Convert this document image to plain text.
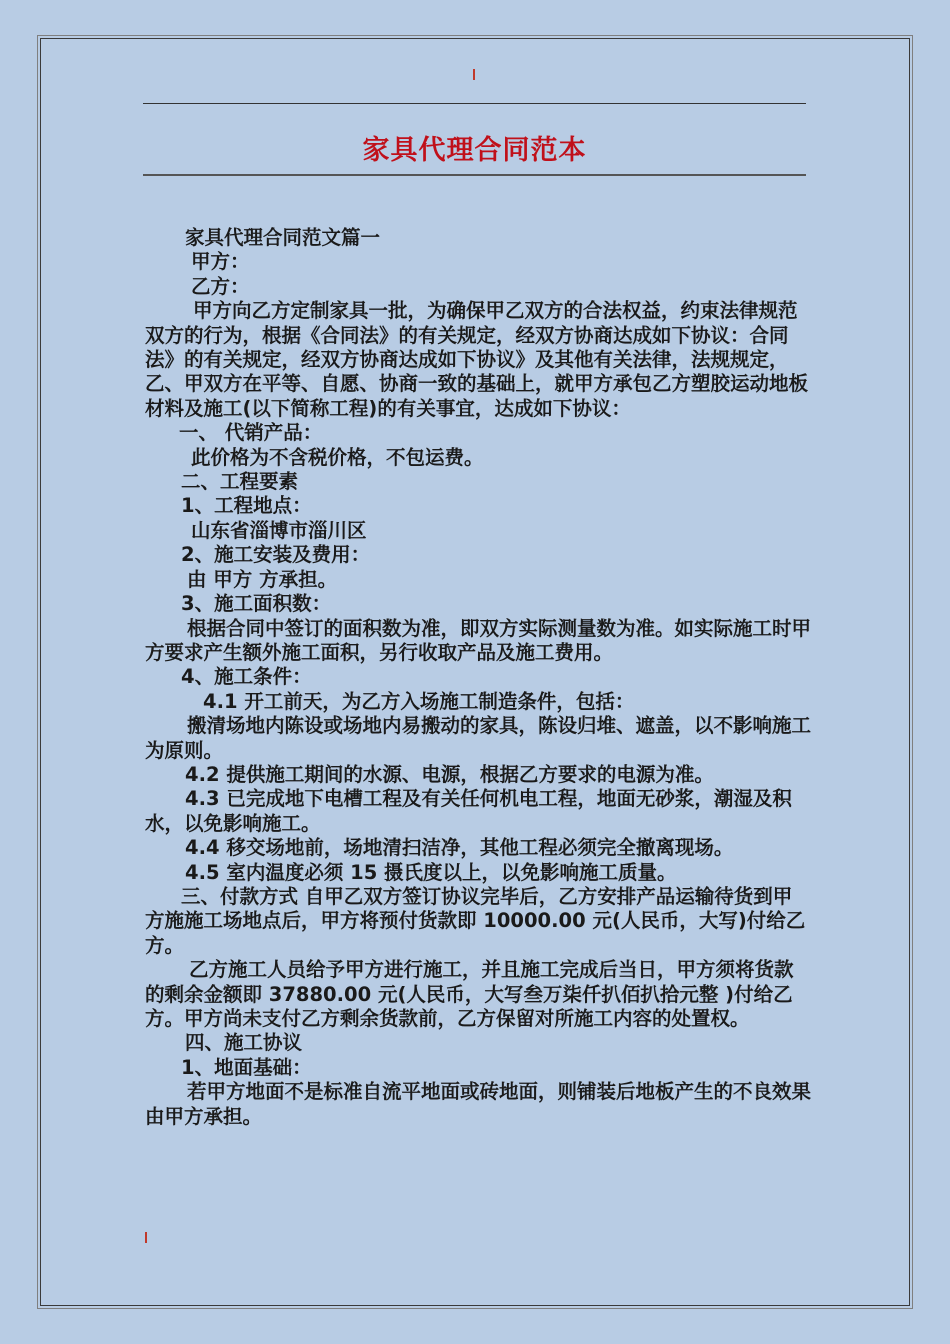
家具代理合同范本

家具代理合同范文篇一

甲方：

乙方：

甲方向乙方定制家具一批，为确保甲乙双方的合法权益，约束法律规范双方的行为，根据《合同法》的有关规定，经双方协商达成如下协议：合同法》的有关规定，经双方协商达成如下协议》及其他有关法律，法规规定，乙、甲双方在平等、自愿、协商一致的基础上，就甲方承包乙方塑胶运动地板材料及施工(以下简称工程)的有关事宜，达成如下协议：

一、 代销产品：

此价格为不含税价格，不包运费。

二、工程要素

1、工程地点：

山东省淄博市淄川区

2、施工安装及费用：

由 甲方 方承担。

3、施工面积数：

根据合同中签订的面积数为准，即双方实际测量数为准。如实际施工时甲方要求产生额外施工面积，另行收取产品及施工费用。

4、施工条件：

4.1 开工前天，为乙方入场施工制造条件，包括：

搬清场地内陈设或场地内易搬动的家具，陈设归堆、遮盖，以不影响施工为原则。

4.2 提供施工期间的水源、电源，根据乙方要求的电源为准。

4.3 已完成地下电槽工程及有关任何机电工程，地面无砂浆，潮湿及积水，以免影响施工。

4.4 移交场地前，场地清扫洁净，其他工程必须完全撤离现场。

4.5 室内温度必须 15 摄氏度以上，以免影响施工质量。

三、付款方式 自甲乙双方签订协议完毕后，乙方安排产品运输待货到甲方施施工场地点后，甲方将预付货款即 10000.00 元(人民币，大写)付给乙方。

乙方施工人员给予甲方进行施工，并且施工完成后当日，甲方须将货款的剩余金额即 37880.00 元(人民币，大写叁万柒仟扒佰扒拾元整 )付给乙方。甲方尚未支付乙方剩余货款前，乙方保留对所施工内容的处置权。

四、施工协议

1、地面基础：

若甲方地面不是标准自流平地面或砖地面，则铺装后地板产生的不良效果由甲方承担。
